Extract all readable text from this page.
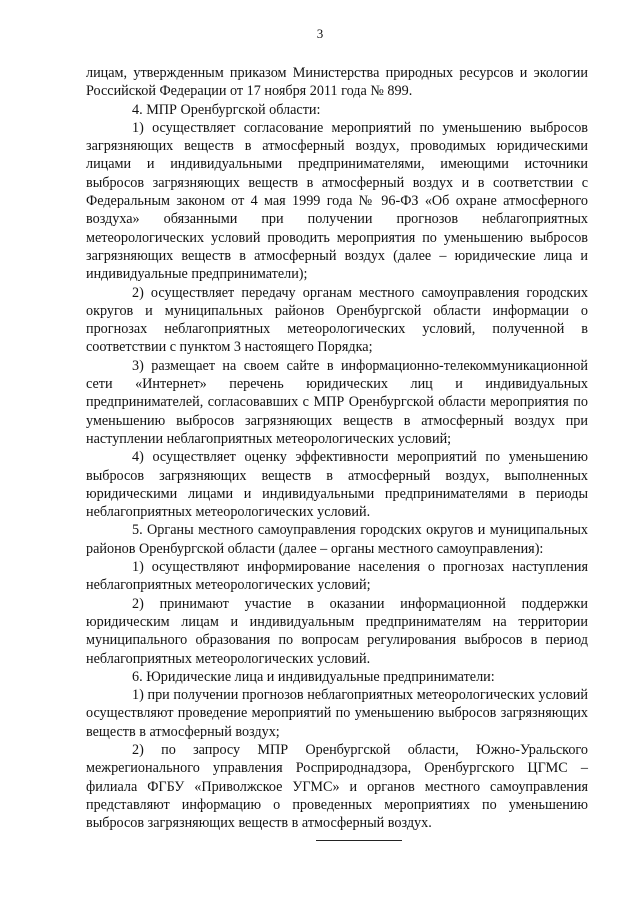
3

лицам, утвержденным приказом Министерства природных ресурсов и экологии Российской Федерации от 17 ноября 2011 года № 899.

4. МПР Оренбургской области:

1) осуществляет согласование мероприятий по уменьшению выбросов загрязняющих веществ в атмосферный воздух, проводимых юридическими лицами и индивидуальными предпринимателями, имеющими источники выбросов загрязняющих веществ в атмосферный воздух и в соответствии с Федеральным законом от 4 мая 1999 года № 96-ФЗ «Об охране атмосферного воздуха» обязанными при получении прогнозов неблагоприятных метеорологических условий проводить мероприятия по уменьшению выбросов загрязняющих веществ в атмосферный воздух (далее – юридические лица и индивидуальные предприниматели);

2) осуществляет передачу органам местного самоуправления городских округов и муниципальных районов Оренбургской области информации о прогнозах неблагоприятных метеорологических условий, полученной в соответствии с пунктом 3 настоящего Порядка;

3) размещает на своем сайте в информационно-телекоммуникационной сети «Интернет» перечень юридических лиц и индивидуальных предпринимателей, согласовавших с МПР Оренбургской области мероприятия по уменьшению выбросов загрязняющих веществ в атмосферный воздух при наступлении неблагоприятных метеорологических условий;

4) осуществляет оценку эффективности мероприятий по уменьшению выбросов загрязняющих веществ в атмосферный воздух, выполненных юридическими лицами и индивидуальными предпринимателями в периоды неблагоприятных метеорологических условий.

5. Органы местного самоуправления городских округов и муниципальных районов Оренбургской области (далее – органы местного самоуправления):

1) осуществляют информирование населения о прогнозах наступления неблагоприятных метеорологических условий;

2) принимают участие в оказании информационной поддержки юридическим лицам и индивидуальным предпринимателям на территории муниципального образования по вопросам регулирования выбросов в период неблагоприятных метеорологических условий.

6. Юридические лица и индивидуальные предприниматели:

1) при получении прогнозов неблагоприятных метеорологических условий осуществляют проведение мероприятий по уменьшению выбросов загрязняющих веществ в атмосферный воздух;

2) по запросу МПР Оренбургской области, Южно-Уральского межрегионального управления Росприроднадзора, Оренбургского ЦГМС – филиала ФГБУ «Приволжское УГМС» и органов местного самоуправления представляют информацию о проведенных мероприятиях по уменьшению выбросов загрязняющих веществ в атмосферный воздух.
